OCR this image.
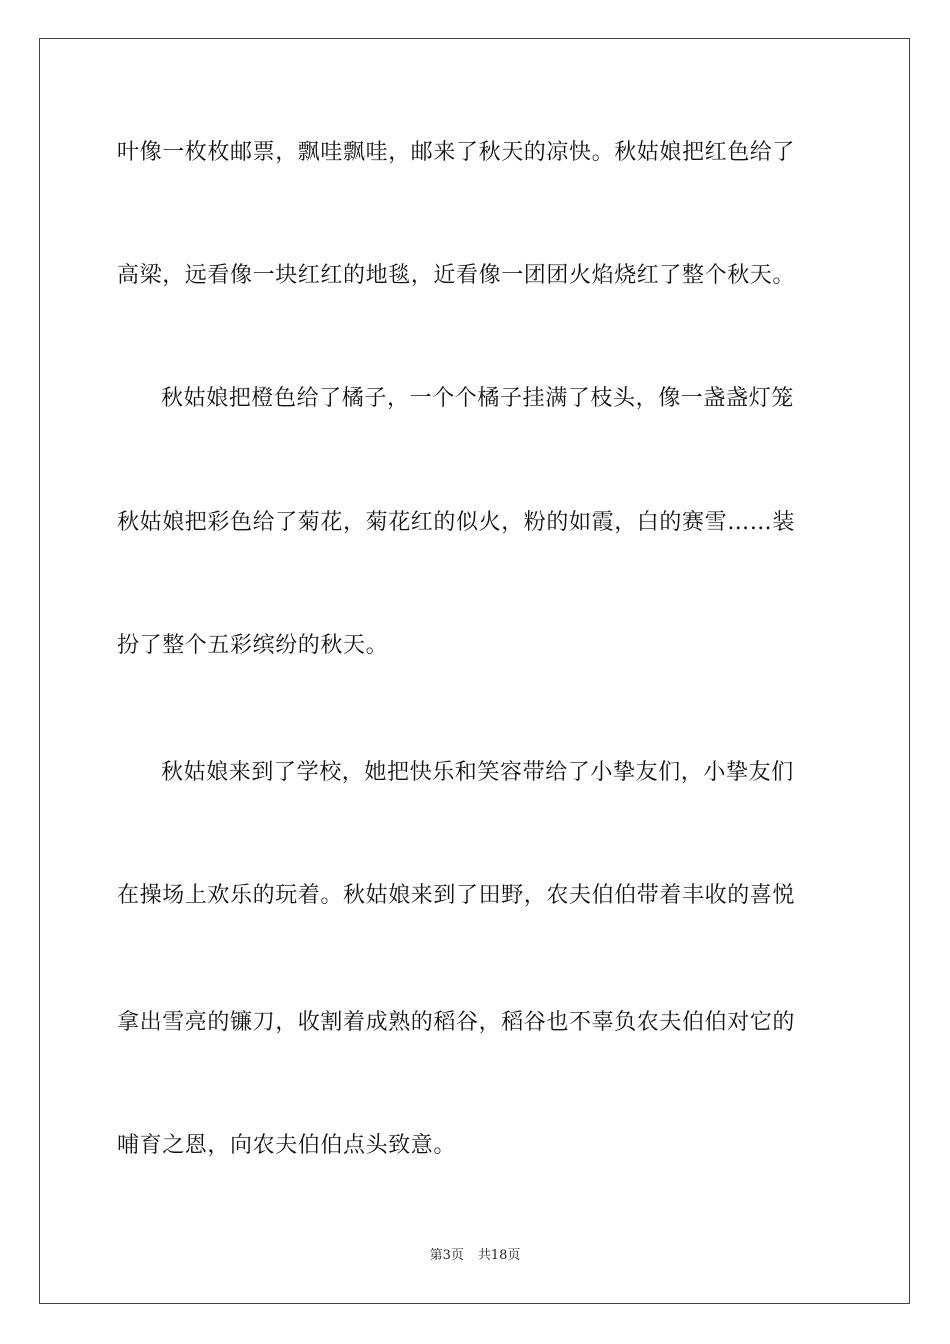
叶像一枚枚邮票，飘哇飘哇，邮来了秋天的凉快。秋姑娘把红色给了
高梁，远看像一块红红的地毯，近看像一团团火焰烧红了整个秋天。
秋姑娘把橙色给了橘子，一个个橘子挂满了枝头，像一盏盏灯笼
秋姑娘把彩色给了菊花，菊花红的似火，粉的如霞，白的赛雪……装
扮了整个五彩缤纷的秋天。
秋姑娘来到了学校，她把快乐和笑容带给了小挚友们，小挚友们
在操场上欢乐的玩着。秋姑娘来到了田野，农夫伯伯带着丰收的喜悦
拿出雪亮的镰刀，收割着成熟的稻谷，稻谷也不辜负农夫伯伯对它的
哺育之恩，向农夫伯伯点头致意。
第3页 共18页
